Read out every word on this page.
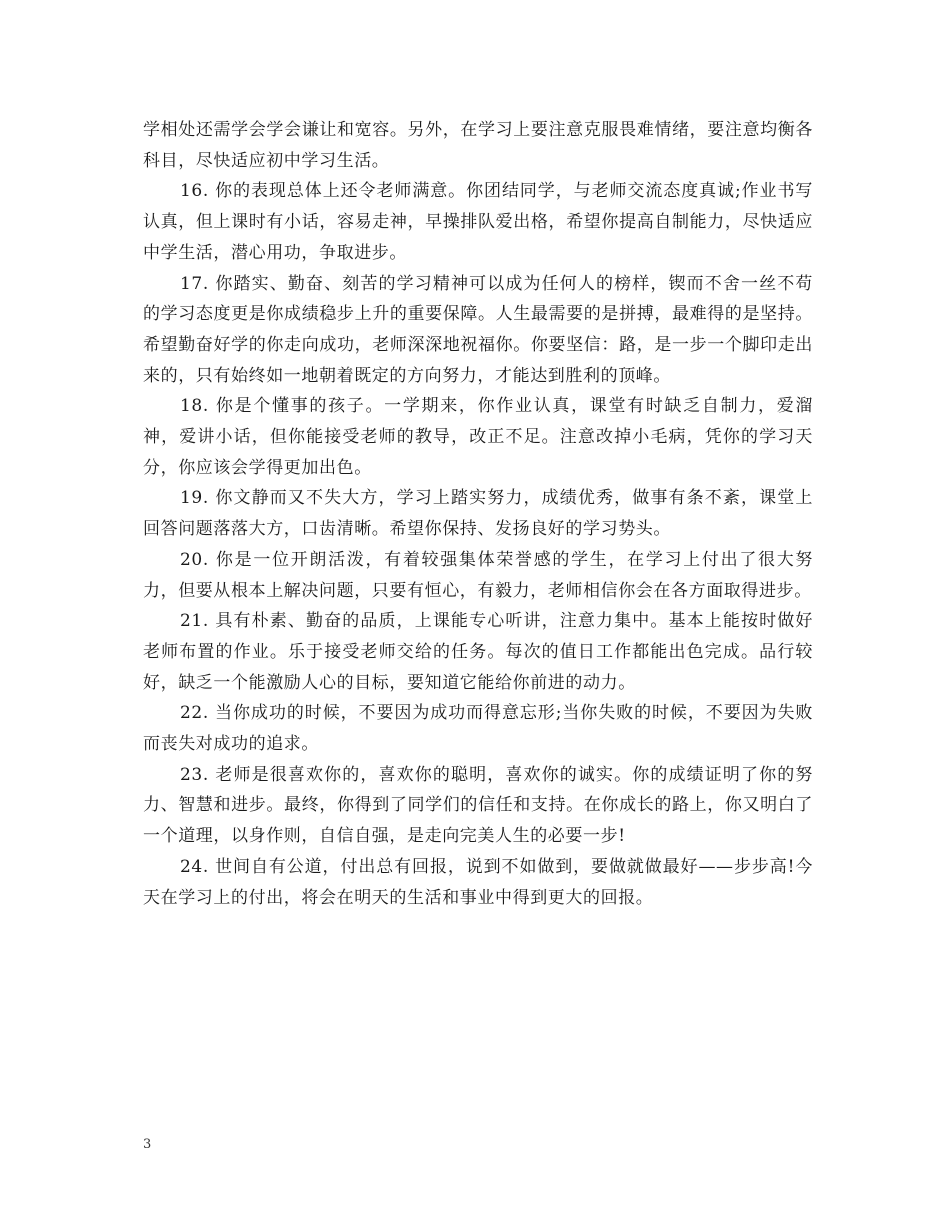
学相处还需学会学会谦让和宽容。另外，在学习上要注意克服畏难情绪，要注意均衡各科目，尽快适应初中学习生活。

16. 你的表现总体上还令老师满意。你团结同学，与老师交流态度真诚;作业书写认真，但上课时有小话，容易走神，早操排队爱出格，希望你提高自制能力，尽快适应中学生活，潜心用功，争取进步。

17. 你踏实、勤奋、刻苦的学习精神可以成为任何人的榜样，锲而不舍一丝不苟的学习态度更是你成绩稳步上升的重要保障。人生最需要的是拼搏，最难得的是坚持。希望勤奋好学的你走向成功，老师深深地祝福你。你要坚信：路，是一步一个脚印走出来的，只有始终如一地朝着既定的方向努力，才能达到胜利的顶峰。

18. 你是个懂事的孩子。一学期来，你作业认真，课堂有时缺乏自制力，爱溜神，爱讲小话，但你能接受老师的教导，改正不足。注意改掉小毛病，凭你的学习天分，你应该会学得更加出色。

19. 你文静而又不失大方，学习上踏实努力，成绩优秀，做事有条不紊，课堂上回答问题落落大方，口齿清晰。希望你保持、发扬良好的学习势头。

20. 你是一位开朗活泼，有着较强集体荣誉感的学生，在学习上付出了很大努力，但要从根本上解决问题，只要有恒心，有毅力，老师相信你会在各方面取得进步。

21. 具有朴素、勤奋的品质，上课能专心听讲，注意力集中。基本上能按时做好老师布置的作业。乐于接受老师交给的任务。每次的值日工作都能出色完成。品行较好，缺乏一个能激励人心的目标，要知道它能给你前进的动力。

22. 当你成功的时候，不要因为成功而得意忘形;当你失败的时候，不要因为失败而丧失对成功的追求。

23. 老师是很喜欢你的，喜欢你的聪明，喜欢你的诚实。你的成绩证明了你的努力、智慧和进步。最终，你得到了同学们的信任和支持。在你成长的路上，你又明白了一个道理，以身作则，自信自强，是走向完美人生的必要一步!

24. 世间自有公道，付出总有回报，说到不如做到，要做就做最好——步步高!今天在学习上的付出，将会在明天的生活和事业中得到更大的回报。

3
